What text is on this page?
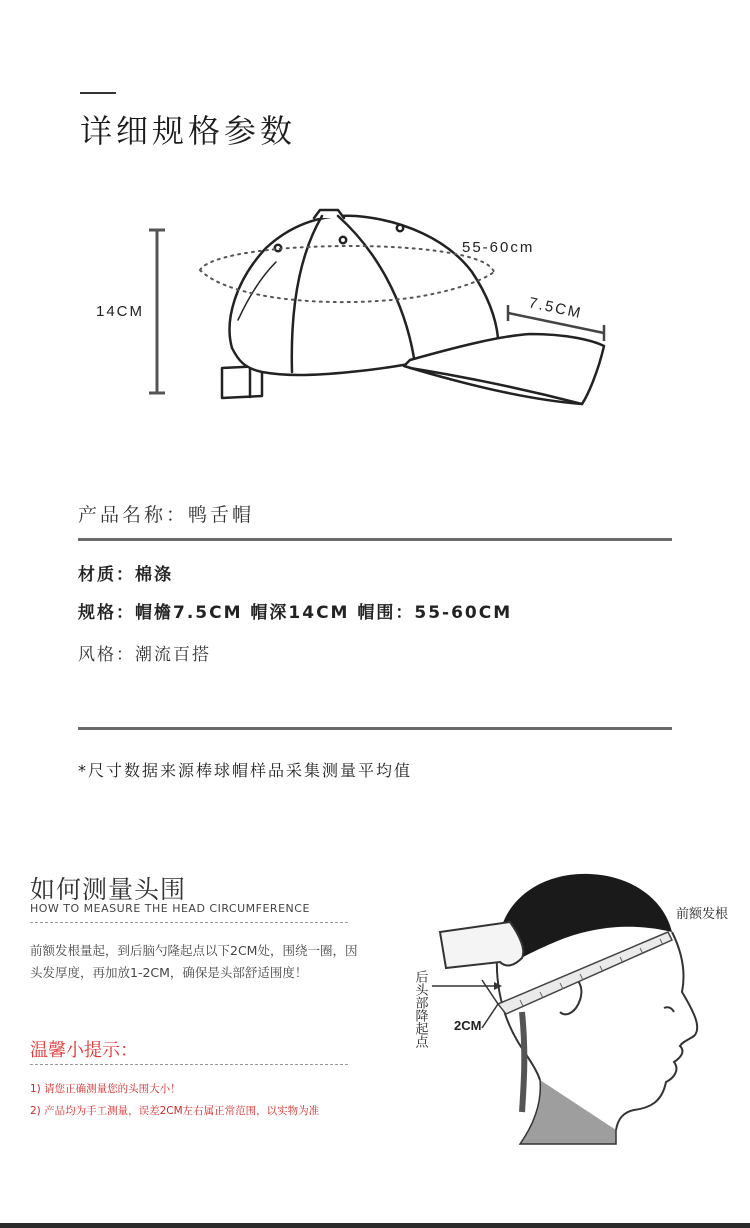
详细规格参数
14CM
55-60cm
7.5CM
产品名称：鸭舌帽
材质：棉涤
规格：帽檐7.5CM 帽深14CM 帽围：55-60CM
风格：潮流百搭
*尺寸数据来源棒球帽样品采集测量平均值
如何测量头围
HOW TO MEASURE THE HEAD CIRCUMFERENCE
前额发根量起，到后脑勺隆起点以下2CM处，围绕一圈，因头发厚度，再加放1-2CM，确保是头部舒适围度！
温馨小提示：
1) 请您正确测量您的头围大小！
2) 产品均为手工测量，误差2CM左右属正常范围，以实物为准
2CM
前额发根
后头部降起点
